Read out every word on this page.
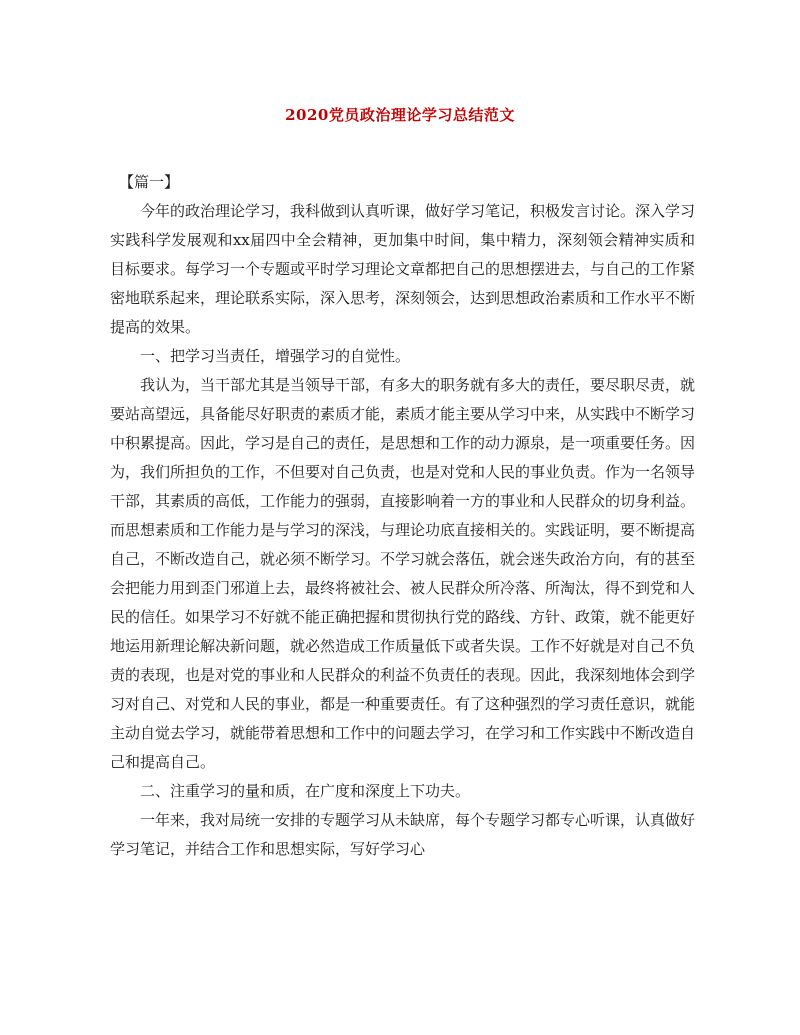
2020党员政治理论学习总结范文

【篇一】

今年的政治理论学习，我科做到认真听课，做好学习笔记，积极发言讨论。深入学习实践科学发展观和xx届四中全会精神，更加集中时间，集中精力，深刻领会精神实质和目标要求。每学习一个专题或平时学习理论文章都把自己的思想摆进去，与自己的工作紧密地联系起来，理论联系实际，深入思考，深刻领会，达到思想政治素质和工作水平不断提高的效果。

一、把学习当责任，增强学习的自觉性。

我认为，当干部尤其是当领导干部，有多大的职务就有多大的责任，要尽职尽责，就要站高望远，具备能尽好职责的素质才能，素质才能主要从学习中来，从实践中不断学习中积累提高。因此，学习是自己的责任，是思想和工作的动力源泉，是一项重要任务。因为，我们所担负的工作，不但要对自己负责，也是对党和人民的事业负责。作为一名领导干部，其素质的高低，工作能力的强弱，直接影响着一方的事业和人民群众的切身利益。而思想素质和工作能力是与学习的深浅，与理论功底直接相关的。实践证明，要不断提高自己，不断改造自己，就必须不断学习。不学习就会落伍，就会迷失政治方向，有的甚至会把能力用到歪门邪道上去，最终将被社会、被人民群众所冷落、所淘汰，得不到党和人民的信任。如果学习不好就不能正确把握和贯彻执行党的路线、方针、政策，就不能更好地运用新理论解决新问题，就必然造成工作质量低下或者失误。工作不好就是对自己不负责的表现，也是对党的事业和人民群众的利益不负责任的表现。因此，我深刻地体会到学习对自己、对党和人民的事业，都是一种重要责任。有了这种强烈的学习责任意识，就能主动自觉去学习，就能带着思想和工作中的问题去学习，在学习和工作实践中不断改造自己和提高自己。

二、注重学习的量和质，在广度和深度上下功夫。

一年来，我对局统一安排的专题学习从未缺席，每个专题学习都专心听课，认真做好学习笔记，并结合工作和思想实际，写好学习心
